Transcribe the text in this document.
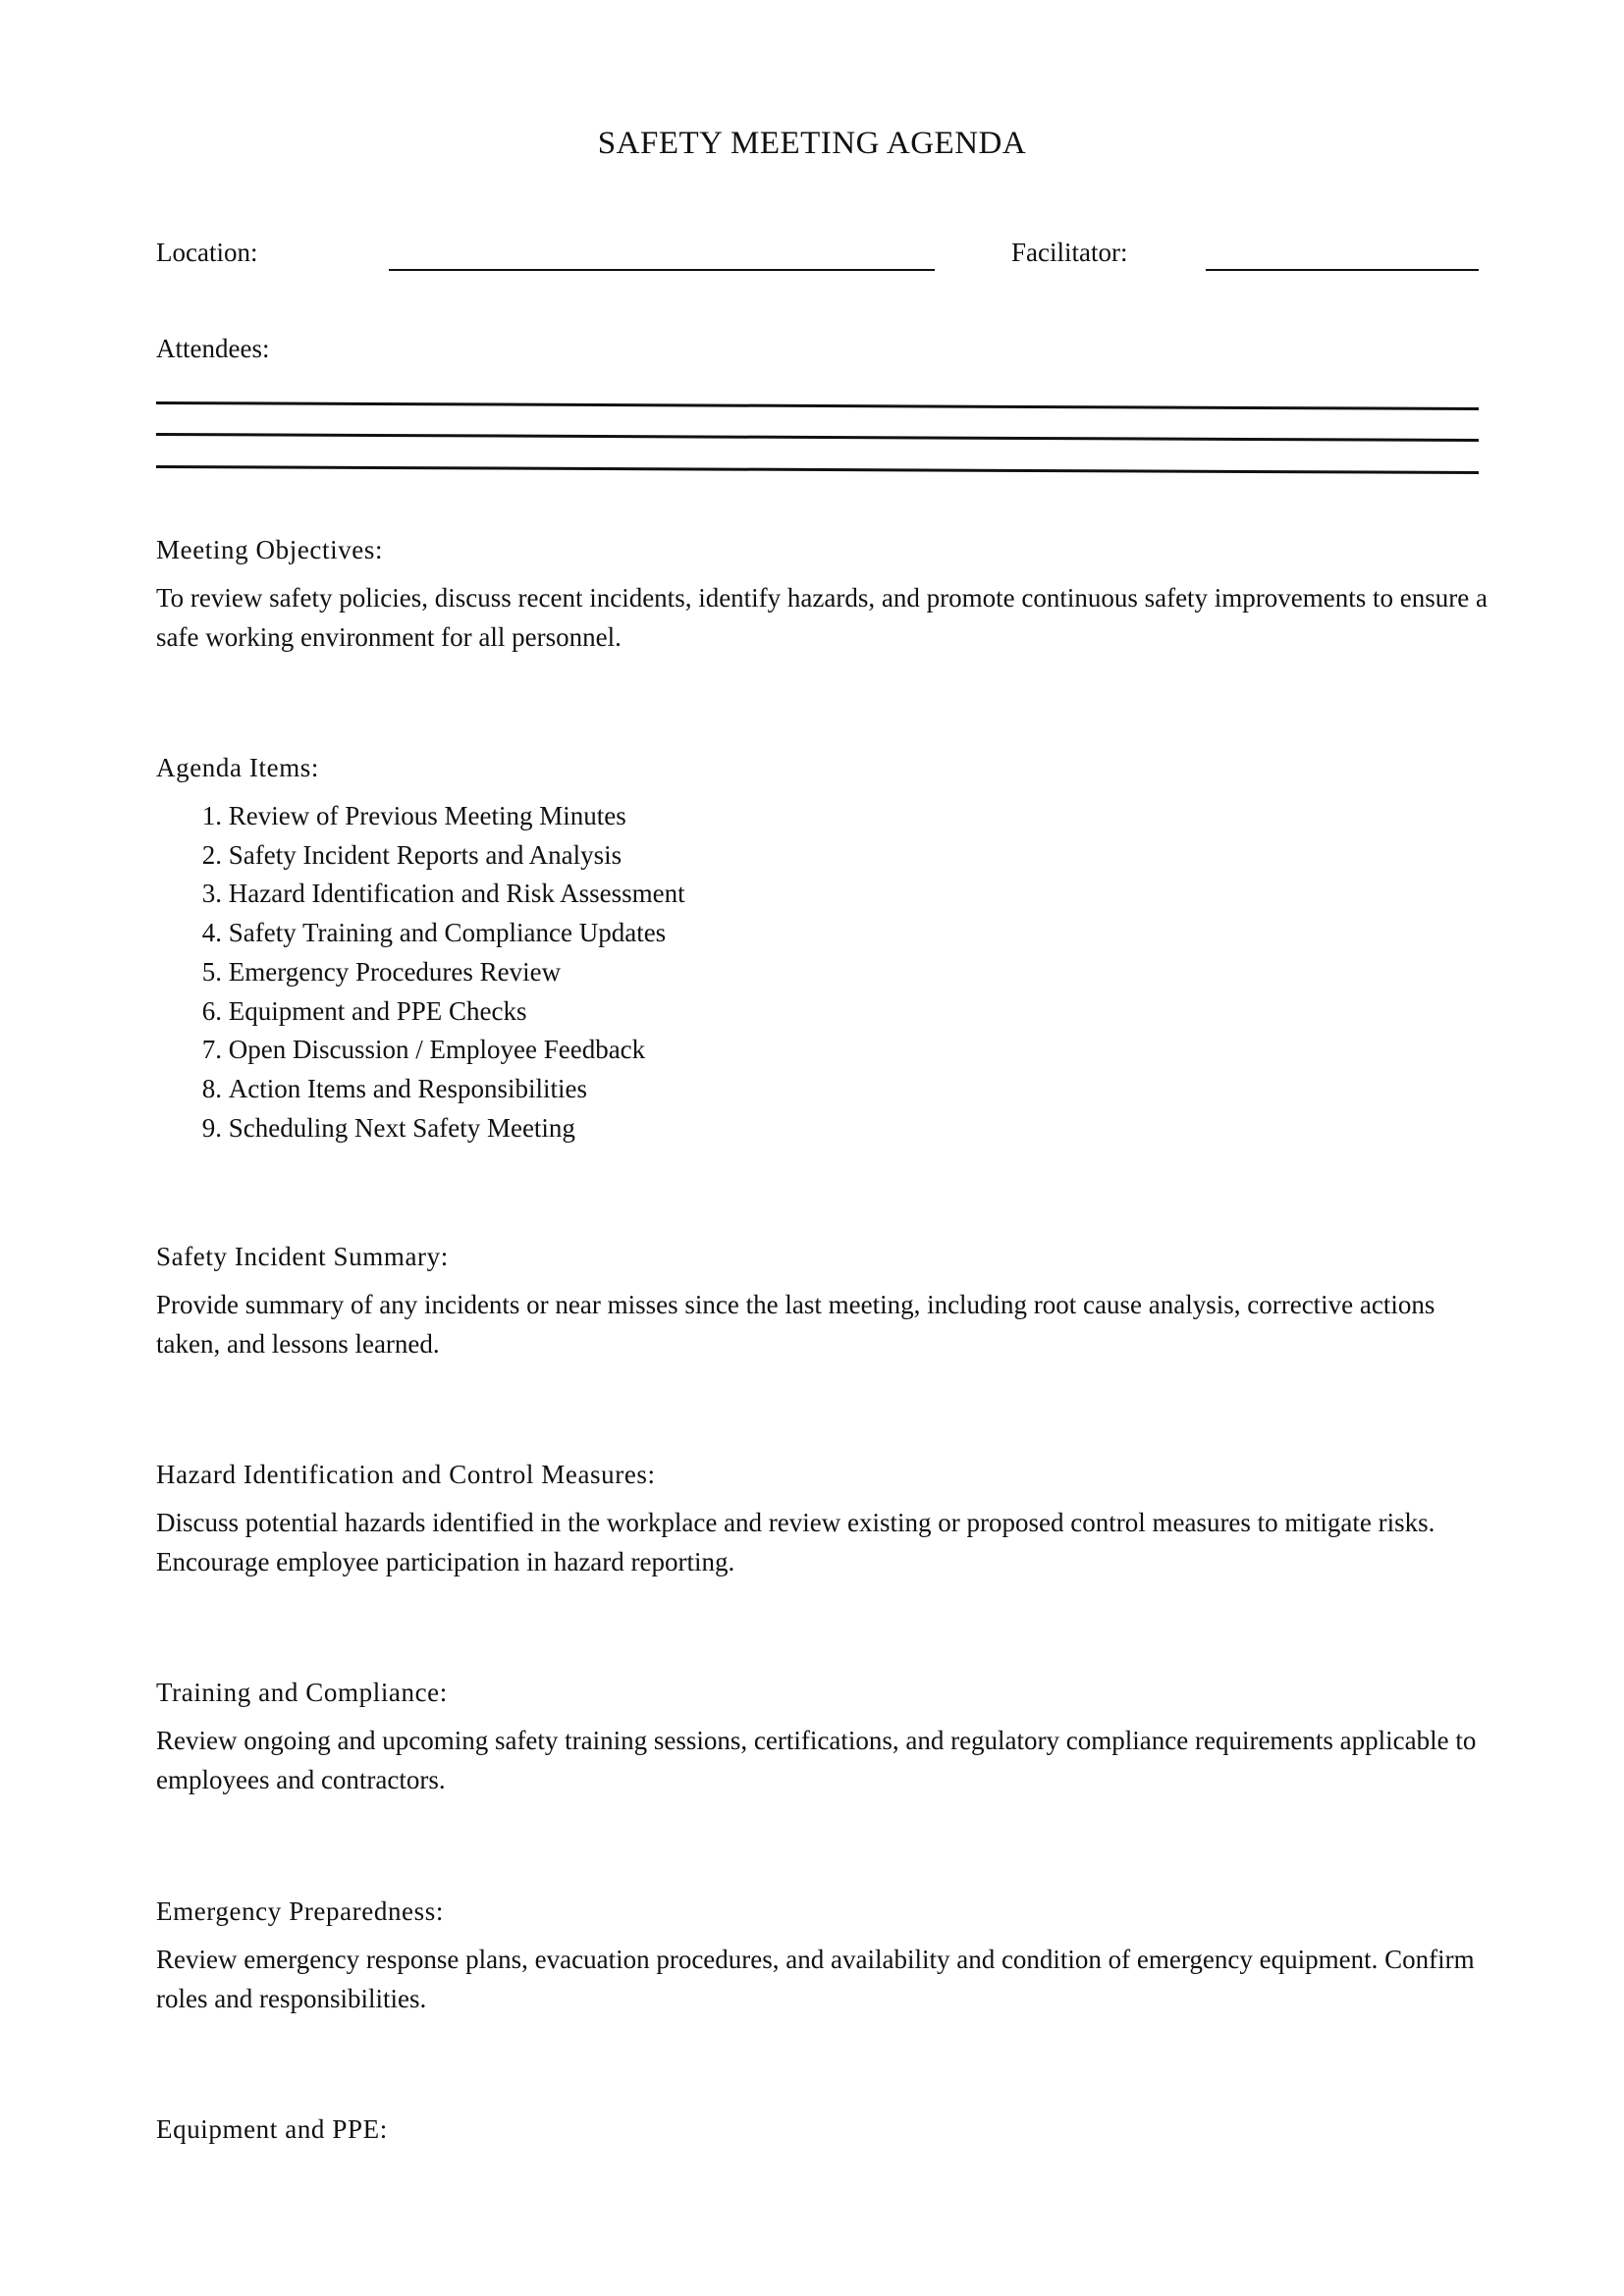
SAFETY MEETING AGENDA

Location:	Facilitator:

Attendees:

Meeting Objectives:

To review safety policies, discuss recent incidents, identify hazards, and promote continuous safety improvements to ensure a safe working environment for all personnel.

Agenda Items:
1.
Review of Previous Meeting Minutes
2.
Safety Incident Reports and Analysis
3.
Hazard Identification and Risk Assessment
4.
Safety Training and Compliance Updates
5.
Emergency Procedures Review
6.
Equipment and PPE Checks
7.
Open Discussion / Employee Feedback
8.
Action Items and Responsibilities
9.
Scheduling Next Safety Meeting
Safety Incident Summary:

Provide summary of any incidents or near misses since the last meeting, including root cause analysis, corrective actions taken, and lessons learned.

Hazard Identification and Control Measures:

Discuss potential hazards identified in the workplace and review existing or proposed control measures to mitigate risks. Encourage employee participation in hazard reporting.

Training and Compliance:

Review ongoing and upcoming safety training sessions, certifications, and regulatory compliance requirements applicable to employees and contractors.

Emergency Preparedness:

Review emergency response plans, evacuation procedures, and availability and condition of emergency equipment. Confirm roles and responsibilities.

Equipment and PPE:
